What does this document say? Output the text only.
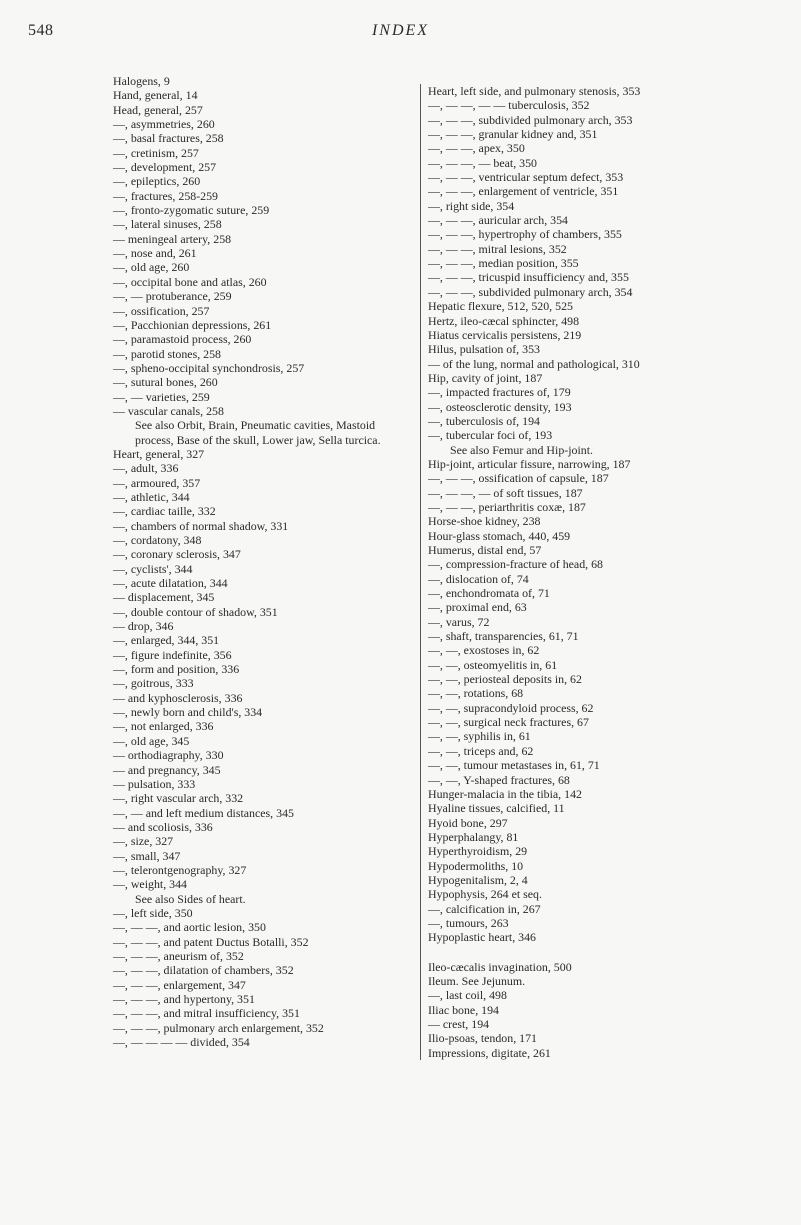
548	INDEX
Halogens, 9
Hand, general, 14
Head, general, 257
—, asymmetries, 260
—, basal fractures, 258
—, cretinism, 257
—, development, 257
—, epileptics, 260
—, fractures, 258-259
—, fronto-zygomatic suture, 259
—, lateral sinuses, 258
— meningeal artery, 258
—, nose and, 261
—, old age, 260
—, occipital bone and atlas, 260
—, — protuberance, 259
—, ossification, 257
—, Pacchionian depressions, 261
—, paramastoid process, 260
—, parotid stones, 258
—, spheno-occipital synchondrosis, 257
—, sutural bones, 260
—, — varieties, 259
— vascular canals, 258
See also Orbit, Brain, Pneumatic cavities, Mastoid process, Base of the skull, Lower jaw, Sella turcica.
Heart, general, 327
—, adult, 336
—, armoured, 357
—, athletic, 344
—, cardiac taille, 332
—, chambers of normal shadow, 331
—, cordatony, 348
—, coronary sclerosis, 347
—, cyclists', 344
—, acute dilatation, 344
— displacement, 345
—, double contour of shadow, 351
— drop, 346
—, enlarged, 344, 351
—, figure indefinite, 356
—, form and position, 336
—, goitrous, 333
— and kyphosclerosis, 336
—, newly born and child's, 334
—, not enlarged, 336
—, old age, 345
— orthodiagraphy, 330
— and pregnancy, 345
— pulsation, 333
—, right vascular arch, 332
—, — and left medium distances, 345
— and scoliosis, 336
—, size, 327
—, small, 347
—, telerontgenography, 327
—, weight, 344
See also Sides of heart.
—, left side, 350
—, — —, and aortic lesion, 350
—, — —, and patent Ductus Botalli, 352
—, — —, aneurism of, 352
—, — —, dilatation of chambers, 352
—, — —, enlargement, 347
—, — —, and hypertony, 351
—, — —, and mitral insufficiency, 351
—, — —, pulmonary arch enlargement, 352
—, — — — — divided, 354
Heart, left side, and pulmonary stenosis, 353
—, — —, — — tuberculosis, 352
—, — —, subdivided pulmonary arch, 353
—, — —, granular kidney and, 351
—, — —, apex, 350
—, — —, — beat, 350
—, — —, ventricular septum defect, 353
—, — —, enlargement of ventricle, 351
—, right side, 354
—, — —, auricular arch, 354
—, — —, hypertrophy of chambers, 355
—, — —, mitral lesions, 352
—, — —, median position, 355
—, — —, tricuspid insufficiency and, 355
—, — —, subdivided pulmonary arch, 354
Hepatic flexure, 512, 520, 525
Hertz, ileo-cæcal sphincter, 498
Hiatus cervicalis persistens, 219
Hilus, pulsation of, 353
— of the lung, normal and pathological, 310
Hip, cavity of joint, 187
—, impacted fractures of, 179
—, osteosclerotic density, 193
—, tuberculosis of, 194
—, tubercular foci of, 193
See also Femur and Hip-joint.
Hip-joint, articular fissure, narrowing, 187
—, — —, ossification of capsule, 187
—, — —, — of soft tissues, 187
—, — —, periarthritis coxæ, 187
Horse-shoe kidney, 238
Hour-glass stomach, 440, 459
Humerus, distal end, 57
—, compression-fracture of head, 68
—, dislocation of, 74
—, enchondromata of, 71
—, proximal end, 63
—, varus, 72
—, shaft, transparencies, 61, 71
—, —, exostoses in, 62
—, —, osteomyelitis in, 61
—, —, periosteal deposits in, 62
—, —, rotations, 68
—, —, supracondyloid process, 62
—, —, surgical neck fractures, 67
—, —, syphilis in, 61
—, —, triceps and, 62
—, —, tumour metastases in, 61, 71
—, —, Y-shaped fractures, 68
Hunger-malacia in the tibia, 142
Hyaline tissues, calcified, 11
Hyoid bone, 297
Hyperphalangy, 81
Hyperthyroidism, 29
Hypodermoliths, 10
Hypogenitalism, 2, 4
Hypophysis, 264 et seq.
—, calcification in, 267
—, tumours, 263
Hypoplastic heart, 346
Ileo-cæcalis invagination, 500
Ileum. See Jejunum.
—, last coil, 498
Iliac bone, 194
— crest, 194
Ilio-psoas, tendon, 171
Impressions, digitate, 261
